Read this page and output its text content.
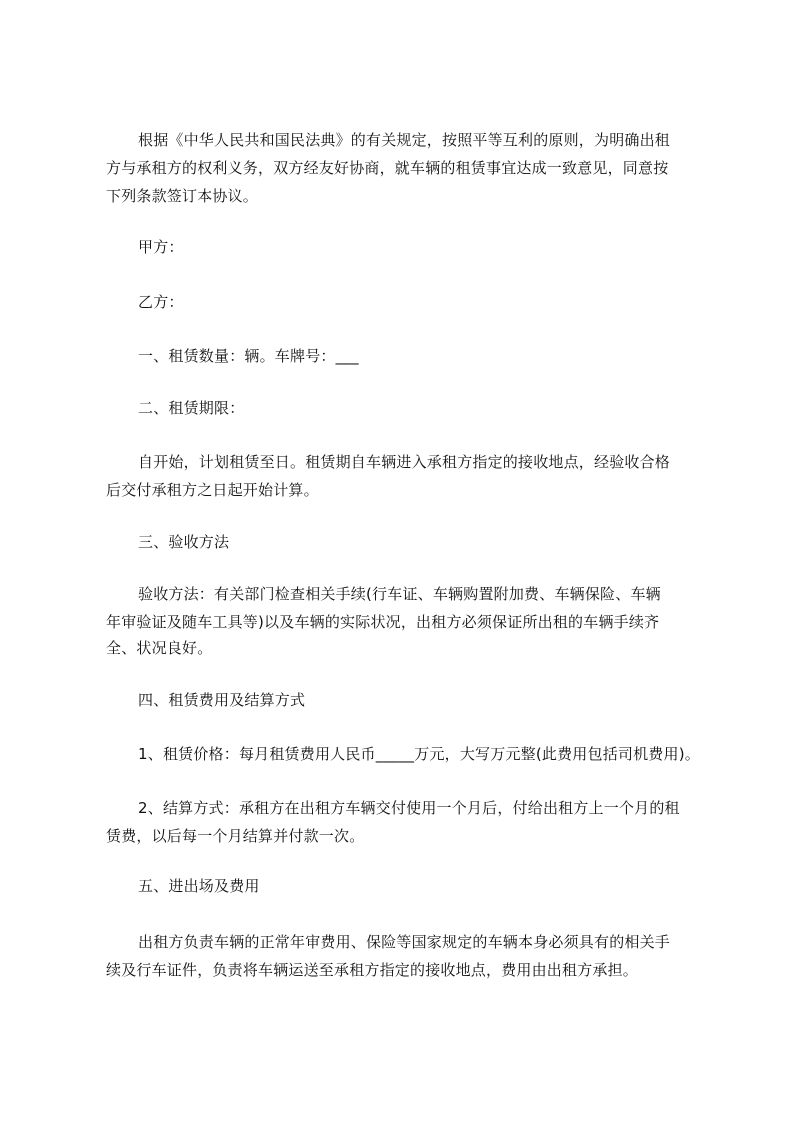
根据《中华人民共和国民法典》的有关规定，按照平等互利的原则，为明确出租
方与承租方的权利义务，双方经友好协商，就车辆的租赁事宜达成一致意见，同意按
下列条款签订本协议。
甲方：
乙方：
一、租赁数量：辆。车牌号：___
二、租赁期限：
自开始，计划租赁至日。租赁期自车辆进入承租方指定的接收地点，经验收合格
后交付承租方之日起开始计算。
三、验收方法
验收方法：有关部门检查相关手续(行车证、车辆购置附加费、车辆保险、车辆
年审验证及随车工具等)以及车辆的实际状况，出租方必须保证所出租的车辆手续齐
全、状况良好。
四、租赁费用及结算方式
1、租赁价格：每月租赁费用人民币_____万元，大写万元整(此费用包括司机费用)。
2、结算方式：承租方在出租方车辆交付使用一个月后，付给出租方上一个月的租
赁费，以后每一个月结算并付款一次。
五、进出场及费用
出租方负责车辆的正常年审费用、保险等国家规定的车辆本身必须具有的相关手
续及行车证件，负责将车辆运送至承租方指定的接收地点，费用由出租方承担。
